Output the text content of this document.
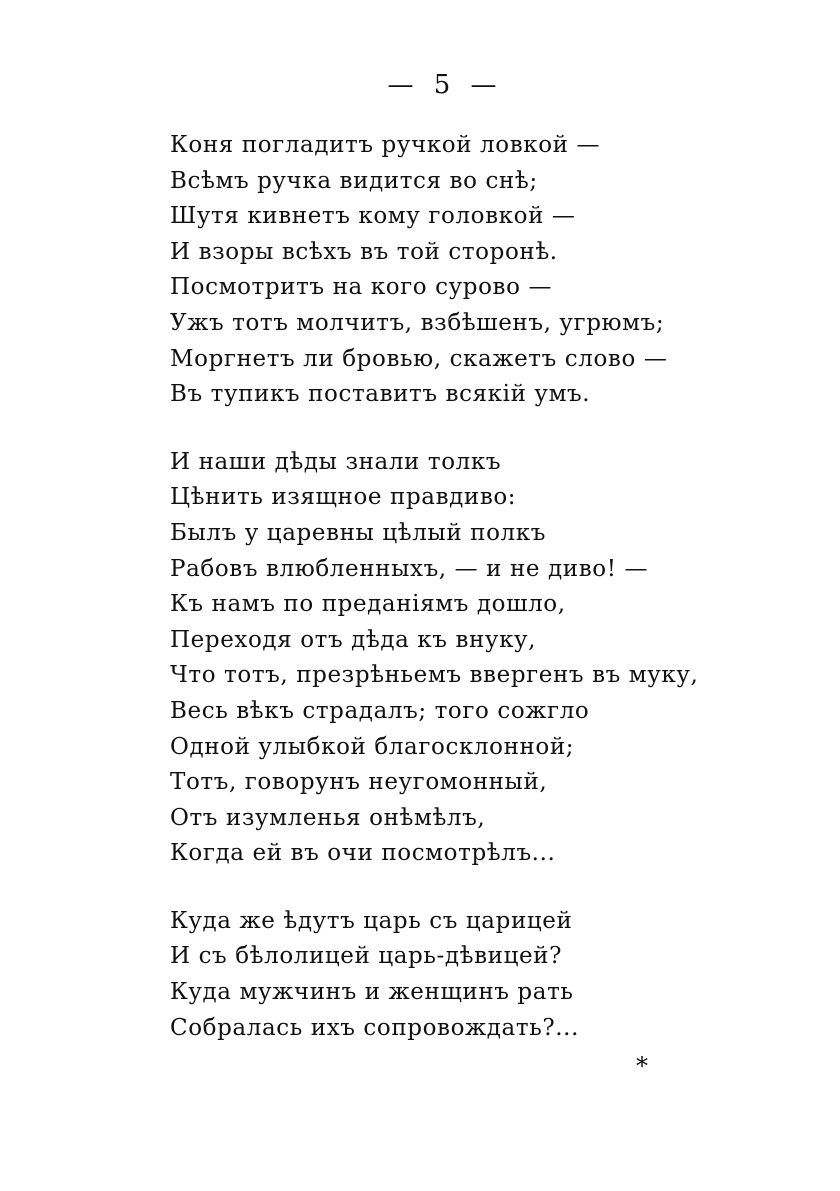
— 5 —
Коня погладитъ ручкой ловкой —
Всѣмъ ручка видится во снѣ;
Шутя кивнетъ кому головкой —
И взоры всѣхъ въ той сторонѣ.
Посмотритъ на кого сурово —
Ужъ тотъ молчитъ, взбѣшенъ, угрюмъ;
Моргнетъ ли бровью, скажетъ слово —
Въ тупикъ поставитъ всякій умъ.
И наши дѣды знали толкъ
Цѣнить изящное правдиво:
Былъ у царевны цѣлый полкъ
Рабовъ влюбленныхъ, — и не диво! —
Къ намъ по преданіямъ дошло,
Переходя отъ дѣда къ внуку,
Что тотъ, презрѣньемъ ввергенъ въ муку,
Весь вѣкъ страдалъ; того сожгло
Одной улыбкой благосклонной;
Тотъ, говорунъ неугомонный,
Отъ изумленья онѣмѣлъ,
Когда ей въ очи посмотрѣлъ...
Куда же ѣдутъ царь съ царицей
И съ бѣлолицей царь-дѣвицей?
Куда мужчинъ и женщинъ рать
Собралась ихъ сопровождать?...
*
